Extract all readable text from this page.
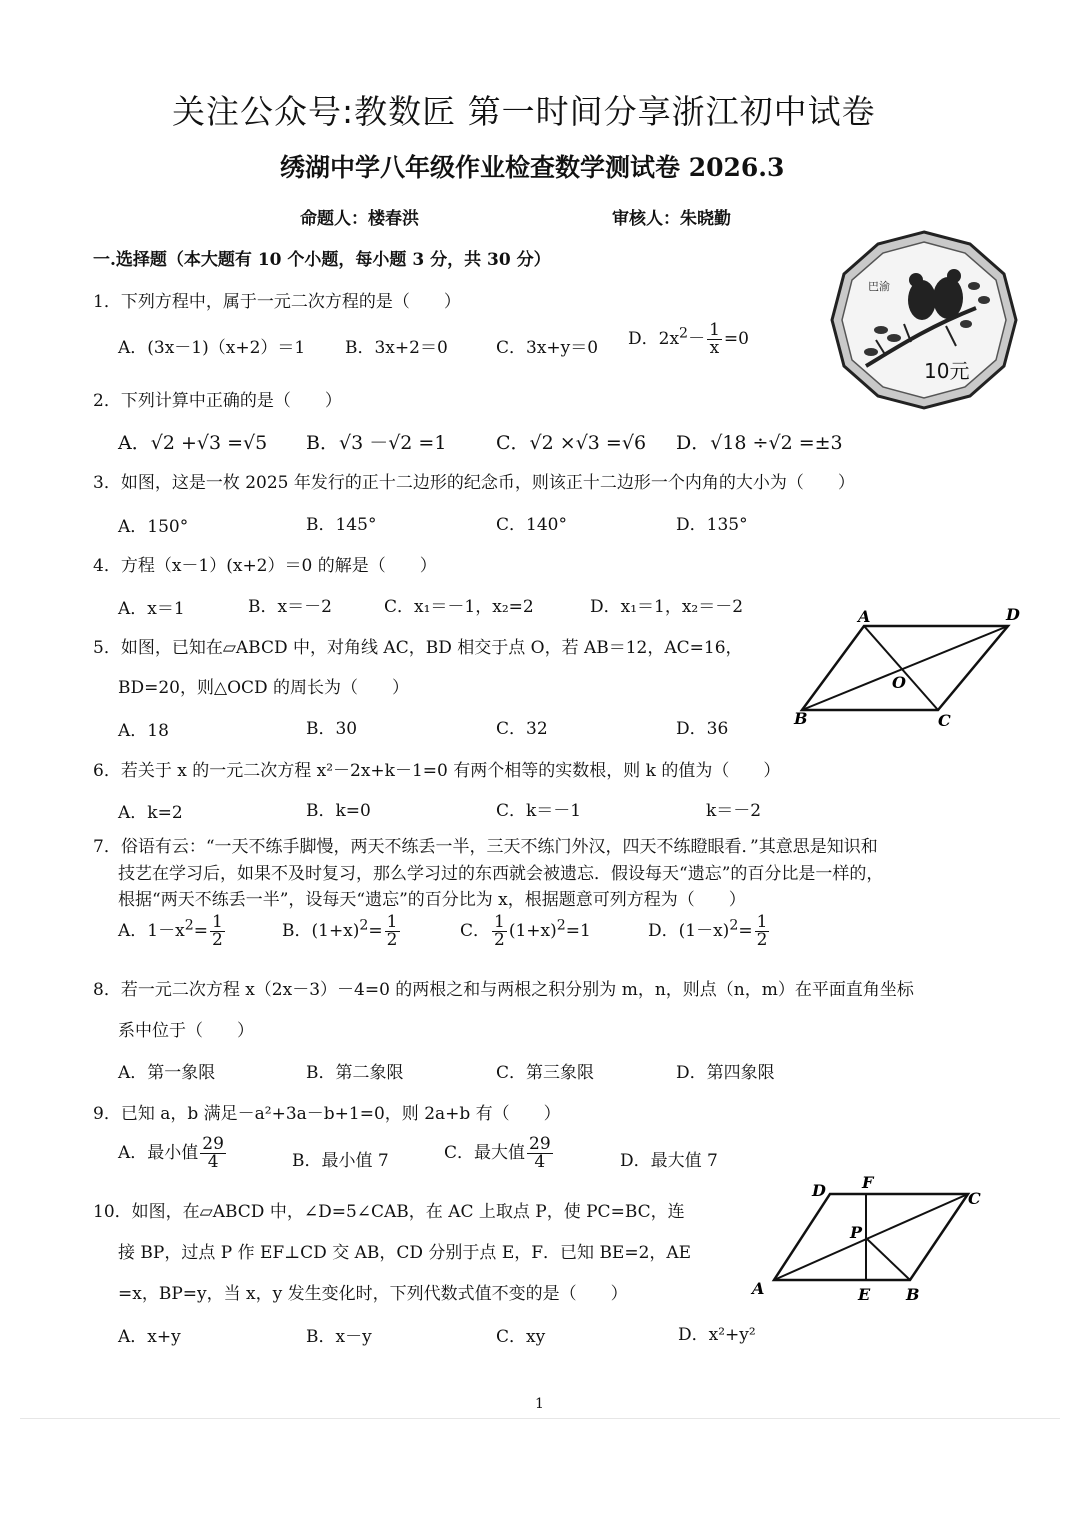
关注公众号:教数匠 第一时间分享浙江初中试卷
绣湖中学八年级作业检查数学测试卷 2026.3
命题人：楼春洪	审核人：朱晓勤
一.选择题（本大题有 10 个小题，每小题 3 分，共 30 分）
1．下列方程中，属于一元二次方程的是（　　）
A．(3x－1)（x+2）＝1 B．3x+2＝0	C．3x+y＝0 D．$2x^2- \frac{1}{x} =0$
巴渝
10元
2．下列计算中正确的是（　　）
A．√2 +√3 =√5 B．√3 －√2 =1	C．√2 ×√3 =√6 D．√18 ÷√2 =±3
3．如图，这是一枚 2025 年发行的正十二边形的纪念币，则该正十二边形一个内角的大小为（　　）
A．150°	B．145°	C．140°	D．135°
4．方程（x－1）(x+2）＝0 的解是（　　）
A．x＝1	B．x＝－2	C．x₁＝－1，x₂=2	D．x₁＝1，x₂＝－2
5．如图，已知在▱ABCD 中，对角线 AC，BD 相交于点 O，若 AB＝12，AC=16，
BD=20，则△OCD 的周长为（　　）
A．18	B．30	C．32	D．36
A	D
B	C
O
6．若关于 x 的一元二次方程 x²－2x+k－1=0 有两个相等的实数根，则 k 的值为（　　）
A．k=2	B．k=0	C．k＝－1	k＝－2
7．俗语有云：“一天不练手脚慢，两天不练丢一半，三天不练门外汉，四天不练瞪眼看．”其意思是知识和
技艺在学习后，如果不及时复习，那么学习过的东西就会被遗忘．假设每天“遗忘”的百分比是一样的，
根据“两天不练丢一半”，设每天“遗忘”的百分比为 x，根据题意可列方程为（　　）
A．$1-x^2= \frac{1}{2}$	B．$(1+x)^2= \frac{1}{2}$	C． $\frac{1}{2} (1+x)^2=1$	D．$(1-x)^2= \frac{1}{2}$
8．若一元二次方程 x（2x－3）－4=0 的两根之和与两根之积分别为 m，n，则点（n，m）在平面直角坐标
系中位于（　　）
A．第一象限	B．第二象限	C．第三象限	D．第四象限
9．已知 a，b 满足－a²+3a－b+1=0，则 2a+b 有（　　）
A．最小值 $\frac{29}{4}$	B．最小值 7	C．最大值 $\frac{29}{4}$	D．最大值 7
10．如图，在▱ABCD 中，∠D=5∠CAB，在 AC 上取点 P，使 PC=BC，连
接 BP，过点 P 作 EF⊥CD 交 AB，CD 分别于点 E，F．已知 BE=2，AE
=x，BP=y，当 x，y 发生变化时，下列代数式值不变的是（　　）
A．x+y	B．x－y	C．xy	D．x²+y²
D F
C
P
A	E B
1
